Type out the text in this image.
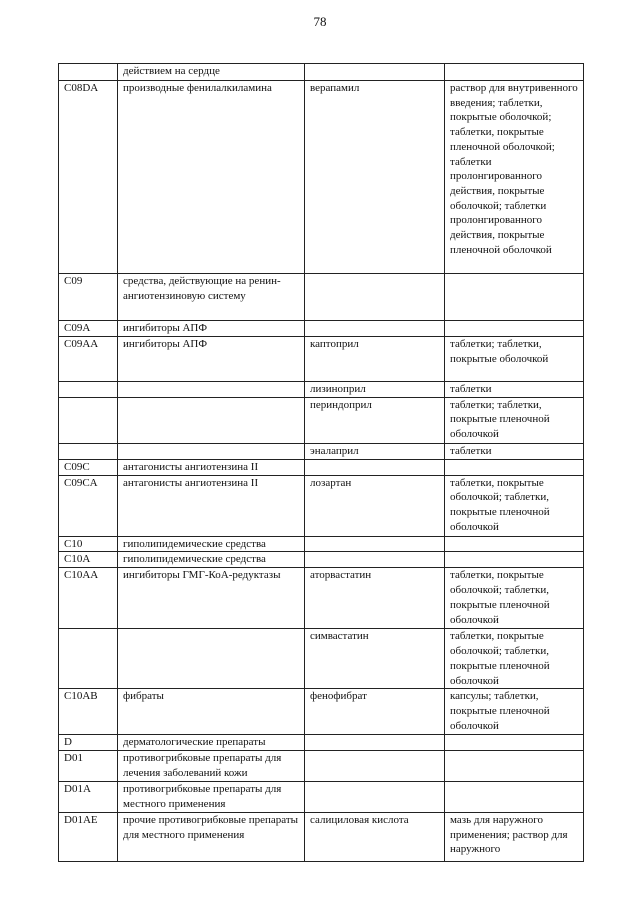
78
	действием на сердце		
C08DA	производные фенилалкиламина	верапамил	раствор для внутривенного введения; таблетки, покрытые оболочкой; таблетки, покрытые пленочной оболочкой; таблетки пролонгированного действия, покрытые оболочкой; таблетки пролонгированного действия, покрытые пленочной оболочкой
C09	средства, действующие на ренин-ангиотензиновую систему		
C09A	ингибиторы АПФ		
C09AA	ингибиторы АПФ	каптоприл	таблетки; таблетки, покрытые оболочкой
		лизиноприл	таблетки
		периндоприл	таблетки; таблетки, покрытые пленочной оболочкой
		эналаприл	таблетки
C09C	антагонисты ангиотензина II		
C09CA	антагонисты ангиотензина II	лозартан	таблетки, покрытые оболочкой; таблетки, покрытые пленочной оболочкой
C10	гиполипидемические средства		
C10A	гиполипидемические средства		
C10AA	ингибиторы ГМГ-КоА-редуктазы	аторвастатин	таблетки, покрытые оболочкой; таблетки, покрытые пленочной оболочкой
		симвастатин	таблетки, покрытые оболочкой; таблетки, покрытые пленочной оболочкой
C10AB	фибраты	фенофибрат	капсулы; таблетки, покрытые пленочной оболочкой
D	дерматологические препараты		
D01	противогрибковые препараты для лечения заболеваний кожи		
D01A	противогрибковые препараты для местного применения		
D01AE	прочие противогрибковые препараты для местного применения	салициловая кислота	мазь для наружного применения; раствор для наружного
